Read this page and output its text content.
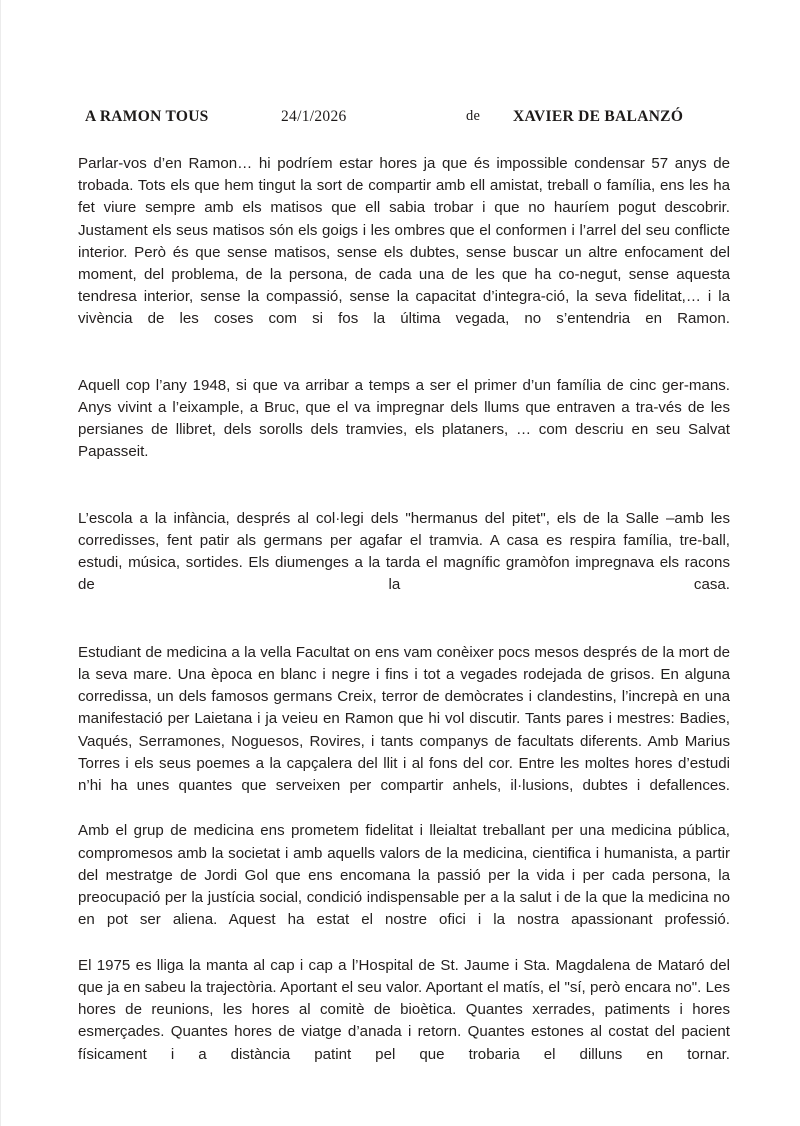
A RAMON TOUS	24/1/2026	de XAVIER DE BALANZÓ

Parlar-vos d’en Ramon… hi podríem estar hores ja que és impossible condensar 57 anys de trobada. Tots els que hem tingut la sort de compartir amb ell amistat, treball o família, ens les ha fet viure sempre amb els matisos que ell sabia trobar i que no hauríem pogut descobrir. Justament els seus matisos són els goigs i les ombres que el conformen i l’arrel del seu conflicte interior. Però és que sense matisos, sense els dubtes, sense buscar un altre enfocament del moment, del problema, de la persona, de cada una de les que ha co-negut, sense aquesta tendresa interior, sense la compassió, sense la capacitat d’integra-ció, la seva fidelitat,… i la vivència de les coses com si fos la última vegada, no s’entendria en Ramon.

Aquell cop l’any 1948, si que va arribar a temps a ser el primer d’un família de cinc ger-mans. Anys vivint a l’eixample, a Bruc, que el va impregnar dels llums que entraven a tra-vés de les persianes de llibret, dels sorolls dels tramvies, els plataners, … com descriu en seu Salvat Papasseit.

L’escola a la infància, després al col·legi dels "hermanus del pitet", els de la Salle –amb les corredisses, fent patir als germans per agafar el tramvia. A casa es respira família, tre-ball, estudi, música, sortides. Els diumenges a la tarda el magnífic gramòfon impregnava els racons de la casa.

Estudiant de medicina a la vella Facultat on ens vam conèixer pocs mesos després de la mort de la seva mare. Una època en blanc i negre i fins i tot a vegades rodejada de grisos. En alguna corredissa, un dels famosos germans Creix, terror de demòcrates i clandestins, l’increpà en una manifestació per Laietana i ja veieu en Ramon que hi vol discutir. Tants pares i mestres: Badies, Vaqués, Serramones, Noguesos, Rovires, i tants companys de facultats diferents. Amb Marius Torres i els seus poemes a la capçalera del llit i al fons del cor. Entre les moltes hores d’estudi n’hi ha unes quantes que serveixen per compartir anhels, il·lusions, dubtes i defallences.

Amb el grup de medicina ens prometem fidelitat i lleialtat treballant per una medicina pública, compromesos amb la societat i amb aquells valors de la medicina, cientifica i humanista, a partir del mestratge de Jordi Gol que ens encomana la passió per la vida i per cada persona, la preocupació per la justícia social, condició indispensable per a la salut i de la que la medicina no en pot ser aliena. Aquest ha estat el nostre ofici i la nostra apassionant professió.

El 1975 es lliga la manta al cap i cap a l’Hospital de St. Jaume i Sta. Magdalena de Mataró del que ja en sabeu la trajectòria. Aportant el seu valor. Aportant el matís, el "sí, però encara no". Les hores de reunions, les hores al comitè de bioètica. Quantes xerrades, patiments i hores esmerçades. Quantes hores de viatge d’anada i retorn. Quantes estones al costat del pacient físicament i a distància patint pel que trobaria el dilluns en tornar.
